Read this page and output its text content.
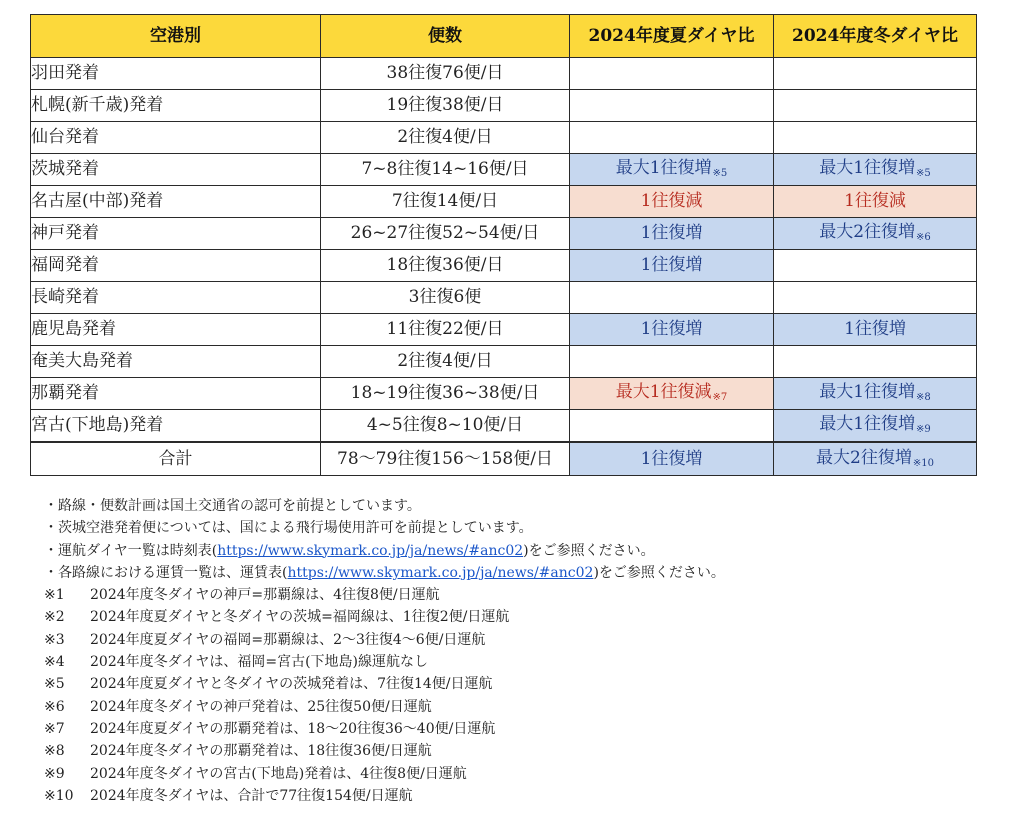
空港別	便数	2024年度夏ダイヤ比	2024年度冬ダイヤ比
羽田発着	38往復76便/日		
札幌(新千歳)発着	19往復38便/日		
仙台発着	2往復4便/日		
茨城発着	7~8往復14~16便/日	最大1往復増※5	最大1往復増※5
名古屋(中部)発着	7往復14便/日	1往復減	1往復減
神戸発着	26~27往復52~54便/日	1往復増	最大2往復増※6
福岡発着	18往復36便/日	1往復増	
長崎発着	3往復6便		
鹿児島発着	11往復22便/日	1往復増	1往復増
奄美大島発着	2往復4便/日		
那覇発着	18~19往復36~38便/日	最大1往復減※7	最大1往復増※8
宮古(下地島)発着	4~5往復8~10便/日		最大1往復増※9
合計	78〜79往復156〜158便/日	1往復増	最大2往復増※10
・路線・便数計画は国土交通省の認可を前提としています。
・茨城空港発着便については、国による飛行場使用許可を前提としています。
・運航ダイヤ一覧は時刻表(https://www.skymark.co.jp/ja/news/#anc02)をご参照ください。
・各路線における運賃一覧は、運賃表(https://www.skymark.co.jp/ja/news/#anc02)をご参照ください。
※1 2024年度冬ダイヤの神戸=那覇線は、4往復8便/日運航
※2 2024年度夏ダイヤと冬ダイヤの茨城=福岡線は、1往復2便/日運航
※3 2024年度夏ダイヤの福岡=那覇線は、2〜3往復4〜6便/日運航
※4 2024年度冬ダイヤは、福岡=宮古(下地島)線運航なし
※5 2024年度夏ダイヤと冬ダイヤの茨城発着は、7往復14便/日運航
※6 2024年度冬ダイヤの神戸発着は、25往復50便/日運航
※7 2024年度夏ダイヤの那覇発着は、18〜20往復36〜40便/日運航
※8 2024年度冬ダイヤの那覇発着は、18往復36便/日運航
※9 2024年度冬ダイヤの宮古(下地島)発着は、4往復8便/日運航
※10 2024年度冬ダイヤは、合計で77往復154便/日運航
